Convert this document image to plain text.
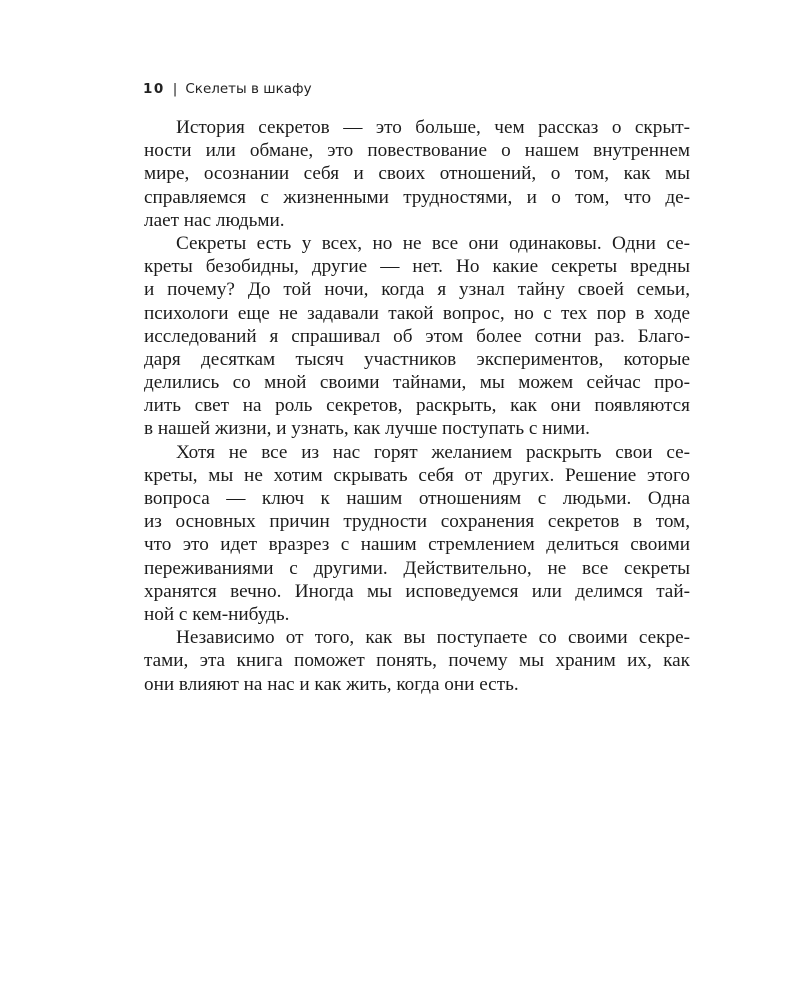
10 | Скелеты в шкафу
История секретов — это больше, чем рассказ о скрыт-
ности или обмане, это повествование о нашем внутреннем
мире, осознании себя и своих отношений, о том, как мы
справляемся с жизненными трудностями, и о том, что де-
лает нас людьми.
Секреты есть у всех, но не все они одинаковы. Одни се-
креты безобидны, другие — нет. Но какие секреты вредны
и почему? До той ночи, когда я узнал тайну своей семьи,
психологи еще не задавали такой вопрос, но с тех пор в ходе
исследований я спрашивал об этом более сотни раз. Благо-
даря десяткам тысяч участников экспериментов, которые
делились со мной своими тайнами, мы можем сейчас про-
лить свет на роль секретов, раскрыть, как они появляются
в нашей жизни, и узнать, как лучше поступать с ними.
Хотя не все из нас горят желанием раскрыть свои се-
креты, мы не хотим скрывать себя от других. Решение этого
вопроса — ключ к нашим отношениям с людьми. Одна
из основных причин трудности сохранения секретов в том,
что это идет вразрез с нашим стремлением делиться своими
переживаниями с другими. Действительно, не все секреты
хранятся вечно. Иногда мы исповедуемся или делимся тай-
ной с кем-нибудь.
Независимо от того, как вы поступаете со своими секре-
тами, эта книга поможет понять, почему мы храним их, как
они влияют на нас и как жить, когда они есть.
